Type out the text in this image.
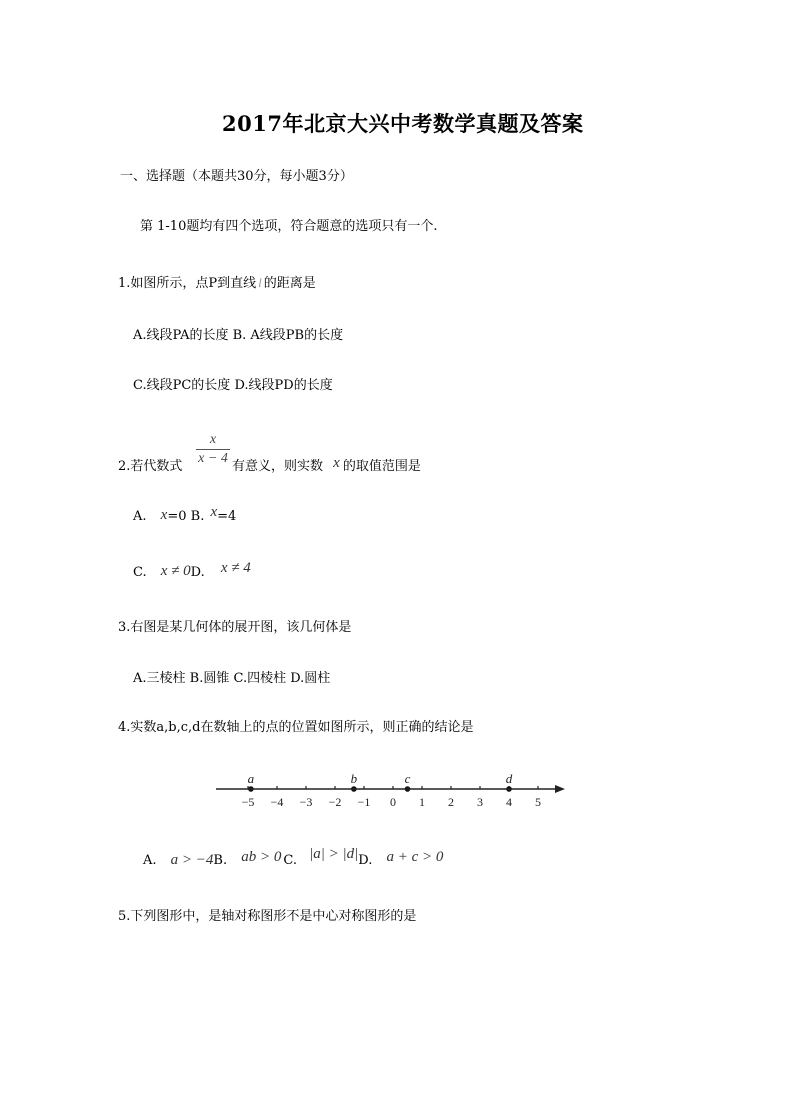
2017年北京大兴中考数学真题及答案
一、选择题（本题共30分，每小题3分）
第 1-10题均有四个选项，符合题意的选项只有一个.
1.如图所示，点P到直线 l 的距离是
A.线段PA的长度 B. A线段PB的长度
C.线段PC的长度 D.线段PD的长度
2.若代数式
x
x − 4
有意义，则实数 x 的取值范围是
A. x=0 B. x=4
C. x ≠ 0D. x ≠ 4
3.右图是某几何体的展开图，该几何体是
A.三棱柱 B.圆锥 C.四棱柱 D.圆柱
4.实数a,b,c,d在数轴上的点的位置如图所示，则正确的结论是
−5 −4 −3 −2 −1 0 1 2 3 4 5
a	b	c	d
A. a > −4B. ab > 0 C. |a| > |d|D. a + c > 0
5.下列图形中，是轴对称图形不是中心对称图形的是
